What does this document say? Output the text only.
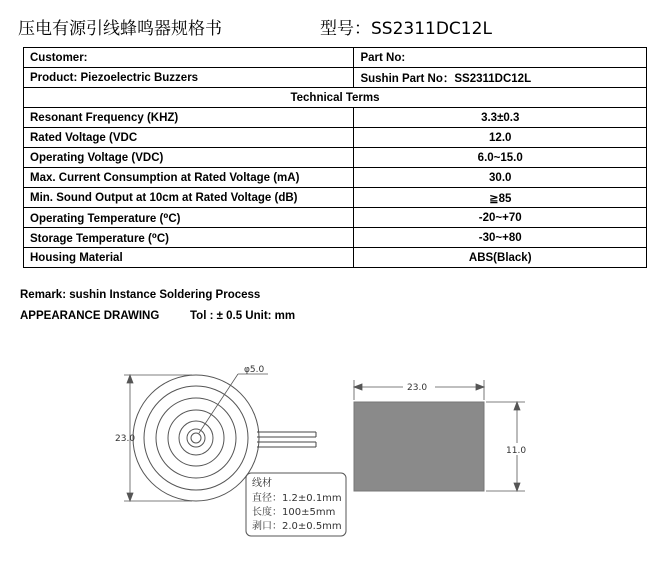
压电有源引线蜂鸣器规格书	型号：SS2311DC12L
Customer:	Part No:
Product: Piezoelectric Buzzers	Sushin Part No：SS2311DC12L
Technical Terms	
Resonant Frequency (KHZ)	3.3±0.3
Rated Voltage (VDC	12.0
Operating Voltage (VDC)	6.0~15.0
Max. Current Consumption at Rated Voltage (mA)	30.0
Min. Sound Output at 10cm at Rated Voltage (dB)	≧85
Operating Temperature (⁰C)	-20~+70
Storage Temperature (⁰C)	-30~+80
Housing Material	ABS(Black)
Remark: sushin Instance Soldering Process
APPEARANCE DRAWING	Tol : ± 0.5 Unit: mm
23.0
φ5.0
23.0
11.0
线材
直径：1.2±0.1mm
长度：100±5mm
剥口：2.0±0.5mm
